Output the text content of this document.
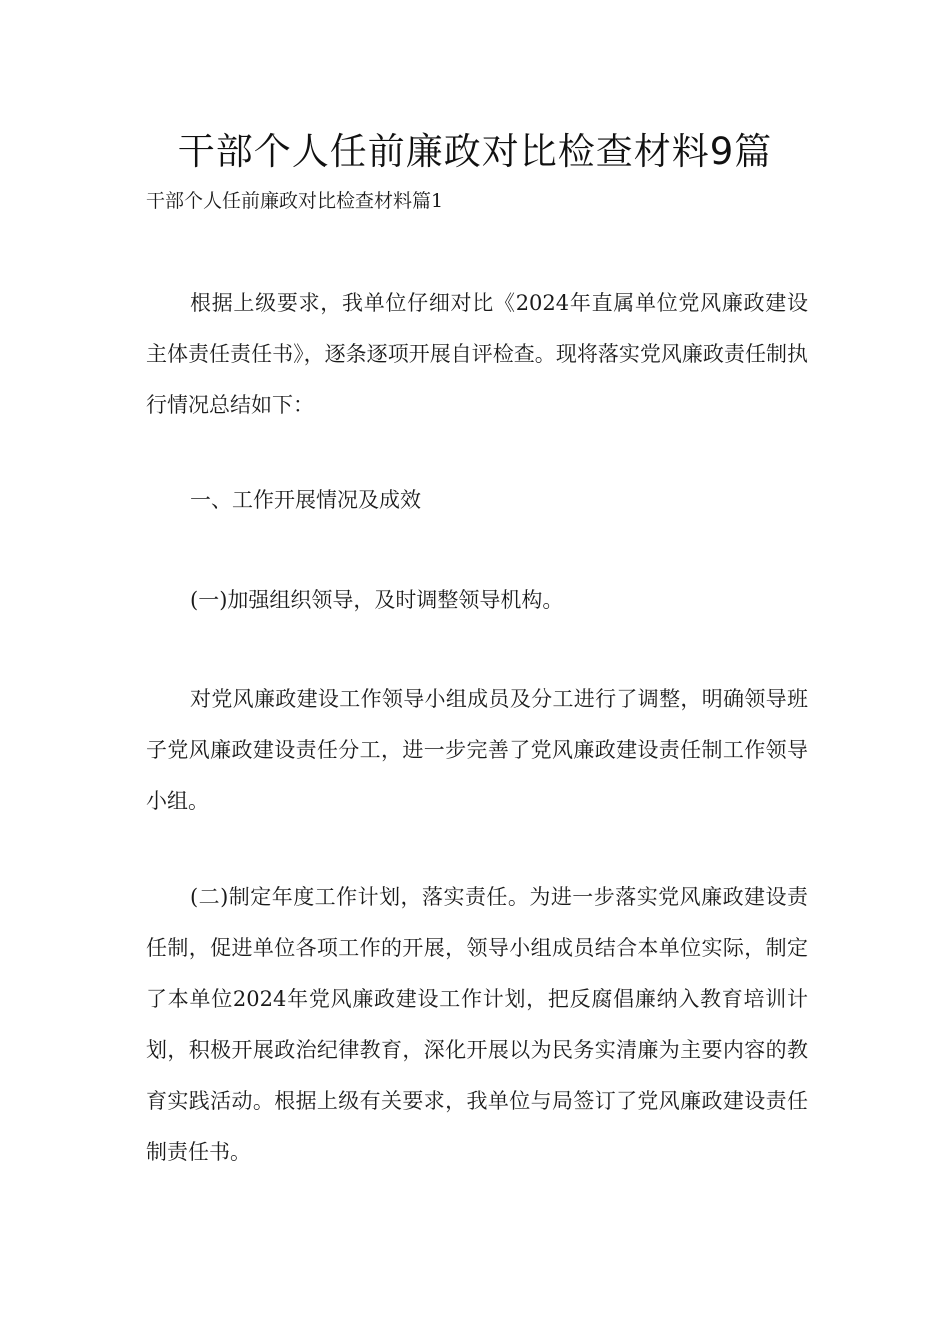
干部个人任前廉政对比检查材料9篇
干部个人任前廉政对比检查材料篇1

根据上级要求，我单位仔细对比《2024年直属单位党风廉政建设主体责任责任书》，逐条逐项开展自评检查。现将落实党风廉政责任制执行情况总结如下：

一、工作开展情况及成效

(一)加强组织领导，及时调整领导机构。

对党风廉政建设工作领导小组成员及分工进行了调整，明确领导班子党风廉政建设责任分工，进一步完善了党风廉政建设责任制工作领导小组。

(二)制定年度工作计划，落实责任。为进一步落实党风廉政建设责任制，促进单位各项工作的开展，领导小组成员结合本单位实际，制定了本单位2024年党风廉政建设工作计划，把反腐倡廉纳入教育培训计划，积极开展政治纪律教育，深化开展以为民务实清廉为主要内容的教育实践活动。根据上级有关要求，我单位与局签订了党风廉政建设责任制责任书。
